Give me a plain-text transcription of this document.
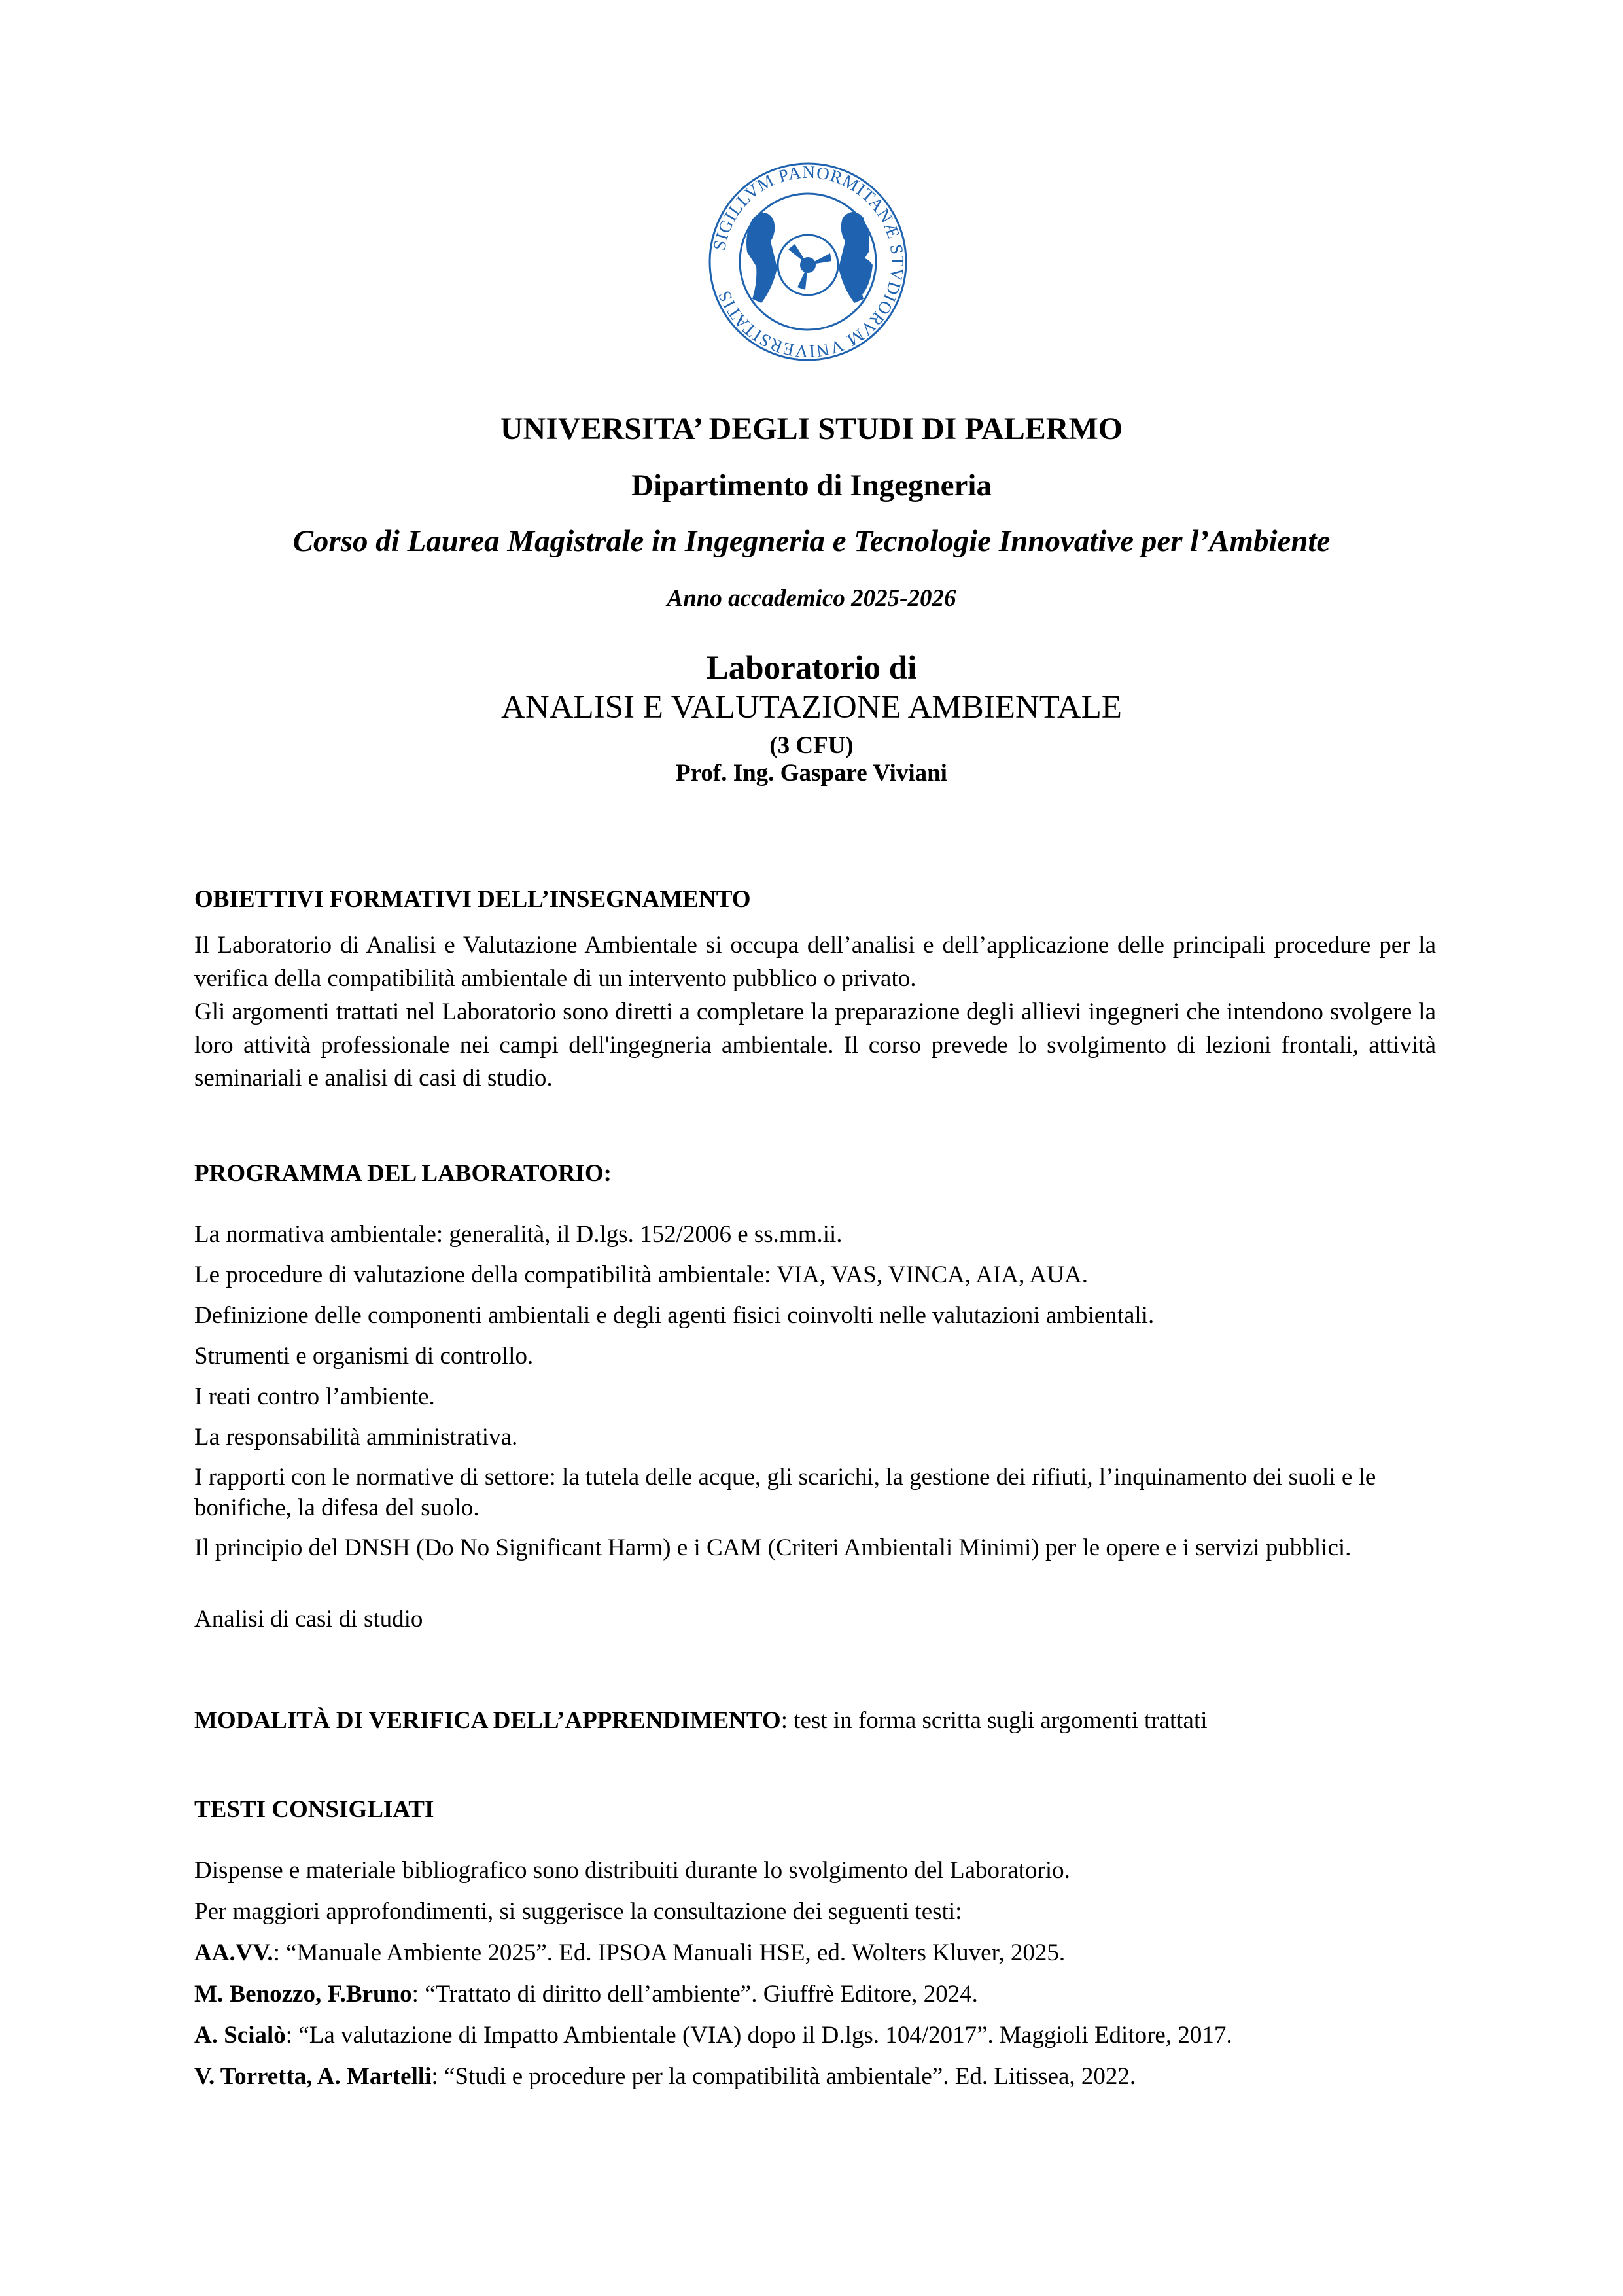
SIGILLVM PANORMITANÆ STVDIORVM VNIVERSITATIS
UNIVERSITA’ DEGLI STUDI DI PALERMO
Dipartimento di Ingegneria
Corso di Laurea Magistrale in Ingegneria e Tecnologie Innovative per l’Ambiente
Anno accademico 2025-2026
Laboratorio di
ANALISI E VALUTAZIONE AMBIENTALE
(3 CFU)
Prof. Ing. Gaspare Viviani
OBIETTIVI FORMATIVI DELL’INSEGNAMENTO
Il Laboratorio di Analisi e Valutazione Ambientale si occupa dell’analisi e dell’applicazione delle principali procedure per la verifica della compatibilità ambientale di un intervento pubblico o privato.
Gli argomenti trattati nel Laboratorio sono diretti a completare la preparazione degli allievi ingegneri che intendono svolgere la loro attività professionale nei campi dell'ingegneria ambientale. Il corso prevede lo svolgimento di lezioni frontali, attività seminariali e analisi di casi di studio.
PROGRAMMA DEL LABORATORIO:
La normativa ambientale: generalità, il D.lgs. 152/2006 e ss.mm.ii.
Le procedure di valutazione della compatibilità ambientale: VIA, VAS, VINCA, AIA, AUA.
Definizione delle componenti ambientali e degli agenti fisici coinvolti nelle valutazioni ambientali.
Strumenti e organismi di controllo.
I reati contro l’ambiente.
La responsabilità amministrativa.
I rapporti con le normative di settore: la tutela delle acque, gli scarichi, la gestione dei rifiuti, l’inquinamento dei suoli e le bonifiche, la difesa del suolo.
Il principio del DNSH (Do No Significant Harm) e i CAM (Criteri Ambientali Minimi) per le opere e i servizi pubblici.
Analisi di casi di studio
MODALITÀ DI VERIFICA DELL’APPRENDIMENTO: test in forma scritta sugli argomenti trattati
TESTI CONSIGLIATI
Dispense e materiale bibliografico sono distribuiti durante lo svolgimento del Laboratorio.
Per maggiori approfondimenti, si suggerisce la consultazione dei seguenti testi:
AA.VV.: “Manuale Ambiente 2025”. Ed. IPSOA Manuali HSE, ed. Wolters Kluver, 2025.
M. Benozzo, F.Bruno: “Trattato di diritto dell’ambiente”. Giuffrè Editore, 2024.
A. Scialò: “La valutazione di Impatto Ambientale (VIA) dopo il D.lgs. 104/2017”. Maggioli Editore, 2017.
V. Torretta, A. Martelli: “Studi e procedure per la compatibilità ambientale”. Ed. Litissea, 2022.
